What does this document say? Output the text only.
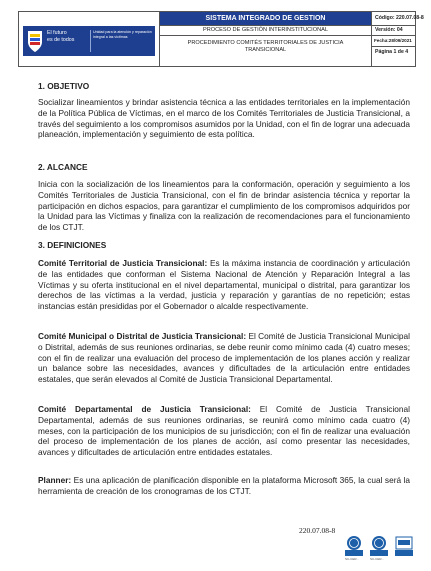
El futuro
es de todos
Unidad para la atención y reparación integral a las víctimas
SISTEMA INTEGRADO DE GESTION	Código: 220.07.08-8
PROCESO DE GESTIÓN INTERINSTITUCIONAL	Versión: 04
PROCEDIMIENTO COMITÉS TERRITORIALES DE JUSTICIA TRANSICIONAL
Fecha:28/09/2021
Página 1 de 4
1. OBJETIVO

Socializar lineamientos y brindar asistencia técnica a las entidades territoriales en la implementación de la Política Pública de Víctimas, en el marco de los Comités Territoriales de Justicia Transicional, a través del seguimiento a los compromisos asumidos por la Unidad, con el fin de lograr una adecuada planeación, implementación y seguimiento de esta política.

2. ALCANCE

Inicia con la socialización de los lineamientos para la conformación, operación y seguimiento a los Comités Territoriales de Justicia Transicional, con el fin de brindar asistencia técnica y reportar la participación en dichos espacios, para garantizar el cumplimiento de los compromisos adquiridos por la Unidad para las Víctimas y finaliza con la realización de recomendaciones para el funcionamiento de los CTJT.

3. DEFINICIONES

Comité Territorial de Justicia Transicional: Es la máxima instancia de coordinación y articulación de las entidades que conforman el Sistema Nacional de Atención y Reparación Integral a las Víctimas y su oferta institucional en el nivel departamental, municipal o distrital, para garantizar los derechos de las víctimas a la verdad, justicia y reparación y garantías de no repetición; estas instancias están presididas por el Gobernador o alcalde respectivamente.

Comité Municipal o Distrital de Justicia Transicional: El Comité de Justicia Transicional Municipal o Distrital, además de sus reuniones ordinarias, se debe reunir como mínimo cada (4) cuatro meses; con el fin de realizar una evaluación del proceso de implementación de los planes acción y realizar un balance sobre las necesidades, avances y dificultades de la articulación entre entidades estatales, que serán elevados al Comité de Justicia Transicional Departamental.

Comité Departamental de Justicia Transicional: El Comité de Justicia Transicional Departamental, además de sus reuniones ordinarias, se reunirá como mínimo cada cuatro (4) meses, con la participación de los municipios de su jurisdicción; con el fin de realizar una evaluación del proceso de implementación de los planes de acción, así como presentar las necesidades, avances y dificultades de articulación entre entidades estatales.

Planner: Es una aplicación de planificación disponible en la plataforma Microsoft 365, la cual será la herramienta de creación de los cronogramas de los CTJT.

220.07.08-8
SC-CER...	SC-CER...
